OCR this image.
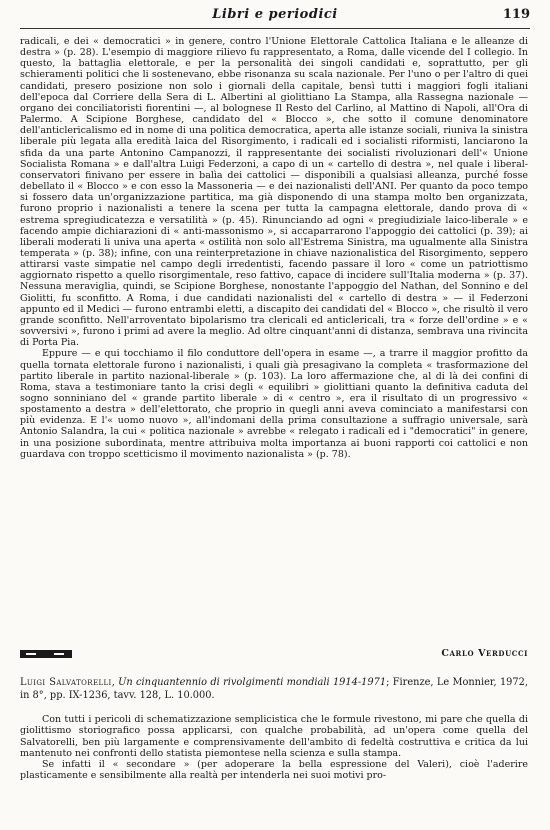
Libri e periodici	119

radicali, e dei « democratici » in genere, contro l'Unione Elettorale Cattolica Italiana e le alleanze di destra » (p. 28). L'esempio di maggiore rilievo fu rappresentato, a Roma, dalle vicende del I collegio. In questo, la battaglia elettorale, e per la personalità dei singoli candidati e, soprattutto, per gli schieramenti politici che li sostenevano, ebbe risonanza su scala nazionale. Per l'uno o per l'altro di quei candidati, presero posizione non solo i giornali della capitale, bensì tutti i maggiori fogli italiani dell'epoca dal Corriere della Sera di L. Albertini al giolittiano La Stampa, alla Rassegna nazionale — organo dei conciliatoristi fiorentini —, al bolognese Il Resto del Carlino, al Mattino di Napoli, all'Ora di Palermo. A Scipione Borghese, candidato del « Blocco », che sotto il comune denominatore dell'anticlericalismo ed in nome di una politica democratica, aperta alle istanze sociali, riuniva la sinistra liberale più legata alla eredità laica del Risorgimento, i radicali ed i socialisti riformisti, lanciarono la sfida da una parte Antonino Campanozzi, il rappresentante dei socialisti rivoluzionari dell'« Unione Socialista Romana » e dall'altra Luigi Federzoni, a capo di un « cartello di destra », nel quale i liberal-conservatori finivano per essere in balìa dei cattolici — disponibili a qualsiasi alleanza, purché fosse debellato il « Blocco » e con esso la Massoneria — e dei nazionalisti dell'ANI. Per quanto da poco tempo si fossero data un'organizzazione partitica, ma già disponendo di una stampa molto ben organizzata, furono proprio i nazionalisti a tenere la scena per tutta la campagna elettorale, dando prova di « estrema spregiudicatezza e versatilità » (p. 45). Rinunciando ad ogni « pregiudiziale laico-liberale » e facendo ampie dichiarazioni di « anti-massonismo », si accaparrarono l'appoggio dei cattolici (p. 39); ai liberali moderati li univa una aperta « ostilità non solo all'Estrema Sinistra, ma ugualmente alla Sinistra temperata » (p. 38); infine, con una reinterpretazione in chiave nazionalistica del Risorgimento, seppero attirarsi vaste simpatie nel campo degli irredentisti, facendo passare il loro « come un patriottismo aggiornato rispetto a quello risorgimentale, reso fattivo, capace di incidere sull'Italia moderna » (p. 37). Nessuna meraviglia, quindi, se Scipione Borghese, nonostante l'appoggio del Nathan, del Sonnino e del Giolitti, fu sconfitto. A Roma, i due candidati nazionalisti del « cartello di destra » — il Federzoni appunto ed il Medici — furono entrambi eletti, a discapito dei candidati del « Blocco », che risultò il vero grande sconfitto. Nell'arroventato bipolarismo tra clericali ed anticlericali, tra « forze dell'ordine » e « sovversivi », furono i primi ad avere la meglio. Ad oltre cinquant'anni di distanza, sembrava una rivincita di Porta Pia.

Eppure — e qui tocchiamo il filo conduttore dell'opera in esame —, a trarre il maggior profitto da quella tornata elettorale furono i nazionalisti, i quali già presagivano la completa « trasformazione del partito liberale in partito nazional-liberale » (p. 103). La loro affermazione che, al di là dei confini di Roma, stava a testimoniare tanto la crisi degli « equilibri » giolittiani quanto la definitiva caduta del sogno sonniniano del « grande partito liberale » di « centro », era il risultato di un progressivo « spostamento a destra » dell'elettorato, che proprio in quegli anni aveva cominciato a manifestarsi con più evidenza. E l'« uomo nuovo », all'indomani della prima consultazione a suffragio universale, sarà Antonio Salandra, la cui « politica nazionale » avrebbe « relegato i radicali ed i "democratici" in genere, in una posizione subordinata, mentre attribuiva molta importanza ai buoni rapporti coi cattolici e non guardava con troppo scetticismo il movimento nazionalista » (p. 78).

Carlo Verducci
Luigi Salvatorelli, Un cinquantennio di rivolgimenti mondiali 1914-1971; Firenze, Le Monnier, 1972, in 8°, pp. IX-1236, tavv. 128, L. 10.000.

Con tutti i pericoli di schematizzazione semplicistica che le formule rivestono, mi pare che quella di giolittismo storiografico possa applicarsi, con qualche probabilità, ad un'opera come quella del Salvatorelli, ben più largamente e comprensivamente dell'ambito di fedeltà costruttiva e critica da lui mantenuto nei confronti dello statista piemontese nella scienza e sulla stampa.

Se infatti il « secondare » (per adoperare la bella espressione del Valeri), cioè l'aderire plasticamente e sensibilmente alla realtà per intenderla nei suoi motivi pro-
